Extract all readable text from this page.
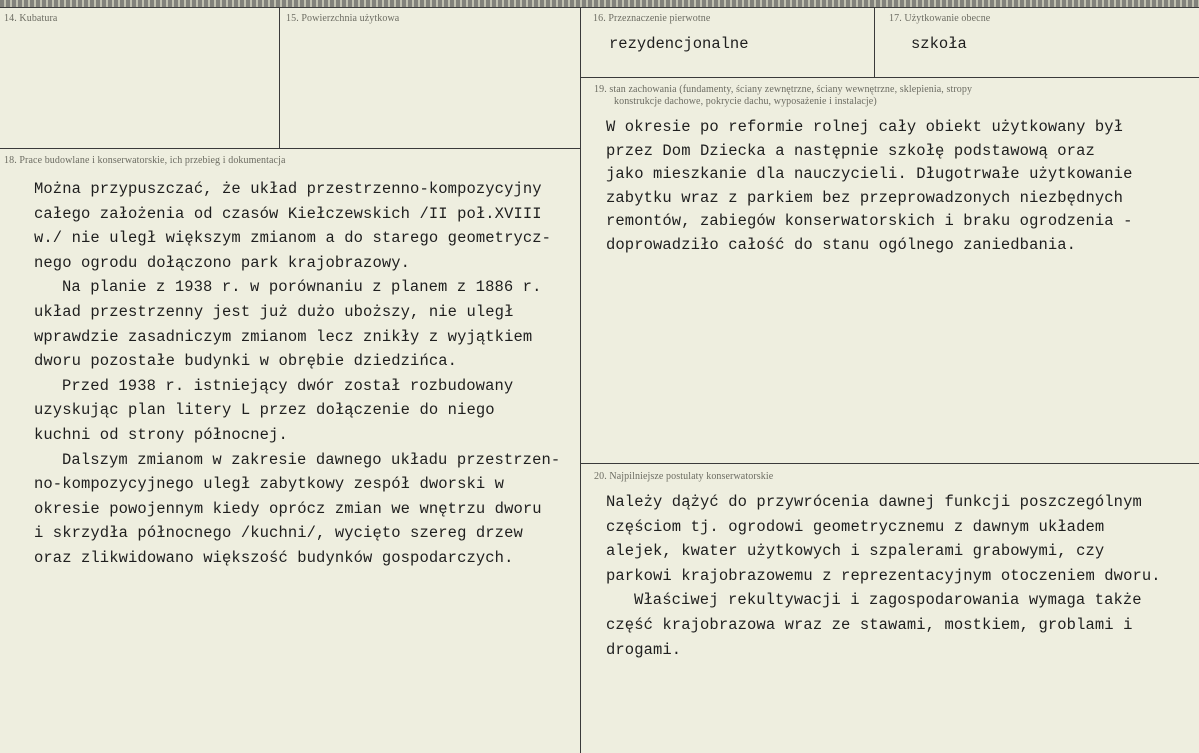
14. Kubatura	15. Powierzchnia użytkowa	16. Przeznaczenie pierwotne
rezydencjonalne
17. Użytkowanie obecne
szkoła
18. Prace budowlane i konserwatorskie, ich przebieg i dokumentacja

Można przypuszczać, że układ przestrzenno-kompozycyjny

całego założenia od czasów Kiełczewskich /II poł.XVIII

w./ nie uległ większym zmianom a do starego geometrycz-

nego ogrodu dołączono park krajobrazowy.

Na planie z 1938 r. w porównaniu z planem z 1886 r.

układ przestrzenny jest już dużo uboższy, nie uległ

wprawdzie zasadniczym zmianom lecz znikły z wyjątkiem

dworu pozostałe budynki w obrębie dziedzińca.

Przed 1938 r. istniejący dwór został rozbudowany

uzyskując plan litery L przez dołączenie do niego

kuchni od strony północnej.

Dalszym zmianom w zakresie dawnego układu przestrzen-

no-kompozycyjnego uległ zabytkowy zespół dworski w

okresie powojennym kiedy oprócz zmian we wnętrzu dworu

i skrzydła północnego /kuchni/, wycięto szereg drzew

oraz zlikwidowano większość budynków gospodarczych.

19. stan zachowania (fundamenty, ściany zewnętrzne, ściany wewnętrzne, sklepienia, stropy
konstrukcje dachowe, pokrycie dachu, wyposażenie i instalacje)

W okresie po reformie rolnej cały obiekt użytkowany był

przez Dom Dziecka a następnie szkołę podstawową oraz

jako mieszkanie dla nauczycieli. Długotrwałe użytkowanie

zabytku wraz z parkiem bez przeprowadzonych niezbędnych

remontów, zabiegów konserwatorskich i braku ogrodzenia -

doprowadziło całość do stanu ogólnego zaniedbania.

20. Najpilniejsze postulaty konserwatorskie

Należy dążyć do przywrócenia dawnej funkcji poszczególnym

częściom tj. ogrodowi geometrycznemu z dawnym układem

alejek, kwater użytkowych i szpalerami grabowymi, czy

parkowi krajobrazowemu z reprezentacyjnym otoczeniem dworu.

Właściwej rekultywacji i zagospodarowania wymaga także

część krajobrazowa wraz ze stawami, mostkiem, groblami i

drogami.
